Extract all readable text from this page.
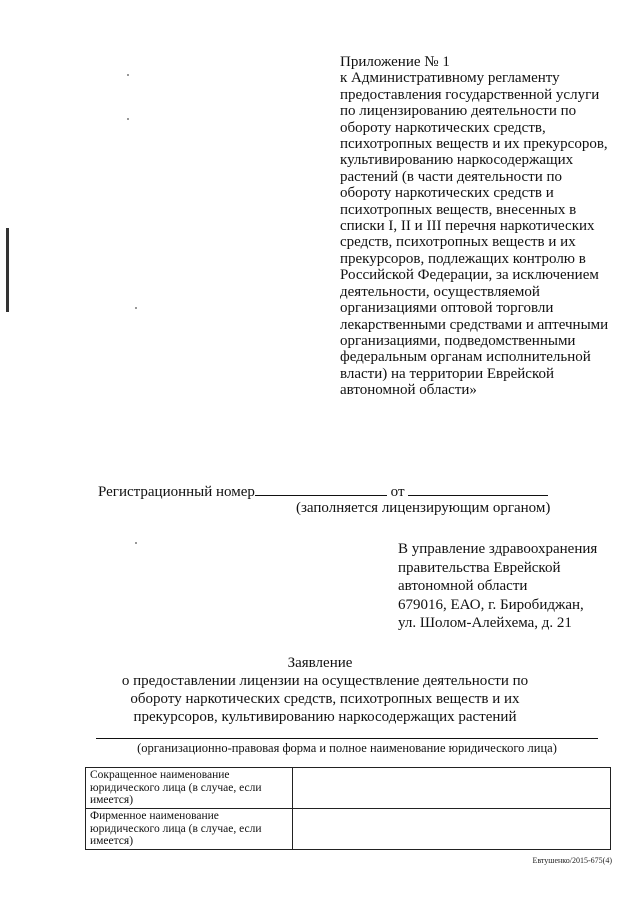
Приложение № 1
к Административному регламенту предоставления государственной услуги по лицензированию деятельности по обороту наркотических средств, психотропных веществ и их прекурсоров, культивированию наркосодержащих растений (в части деятельности по обороту наркотических средств и психотропных веществ, внесенных в списки I, II и III перечня наркотических средств, психотропных веществ и их прекурсоров, подлежащих контролю в Российской Федерации, за исключением деятельности, осуществляемой организациями оптовой торговли лекарственными средствами и аптечными организациями, подведомственными федеральным органам исполнительной власти) на территории Еврейской автономной области»
Регистрационный номер	от
(заполняется лицензирующим органом)
В управление здравоохранения
правительства Еврейской
автономной области
679016, ЕАО, г. Биробиджан,
ул. Шолом-Алейхема, д. 21
Заявление
о предоставлении лицензии на осуществление деятельности по обороту наркотических средств, психотропных веществ и их прекурсоров, культивированию наркосодержащих растений
(организационно-правовая форма и полное наименование юридического лица)
Сокращенное наименование юридического лица (в случае, если имеется)	
Фирменное наименование юридического лица (в случае, если имеется)	
Евтушенко/2015-675(4)
